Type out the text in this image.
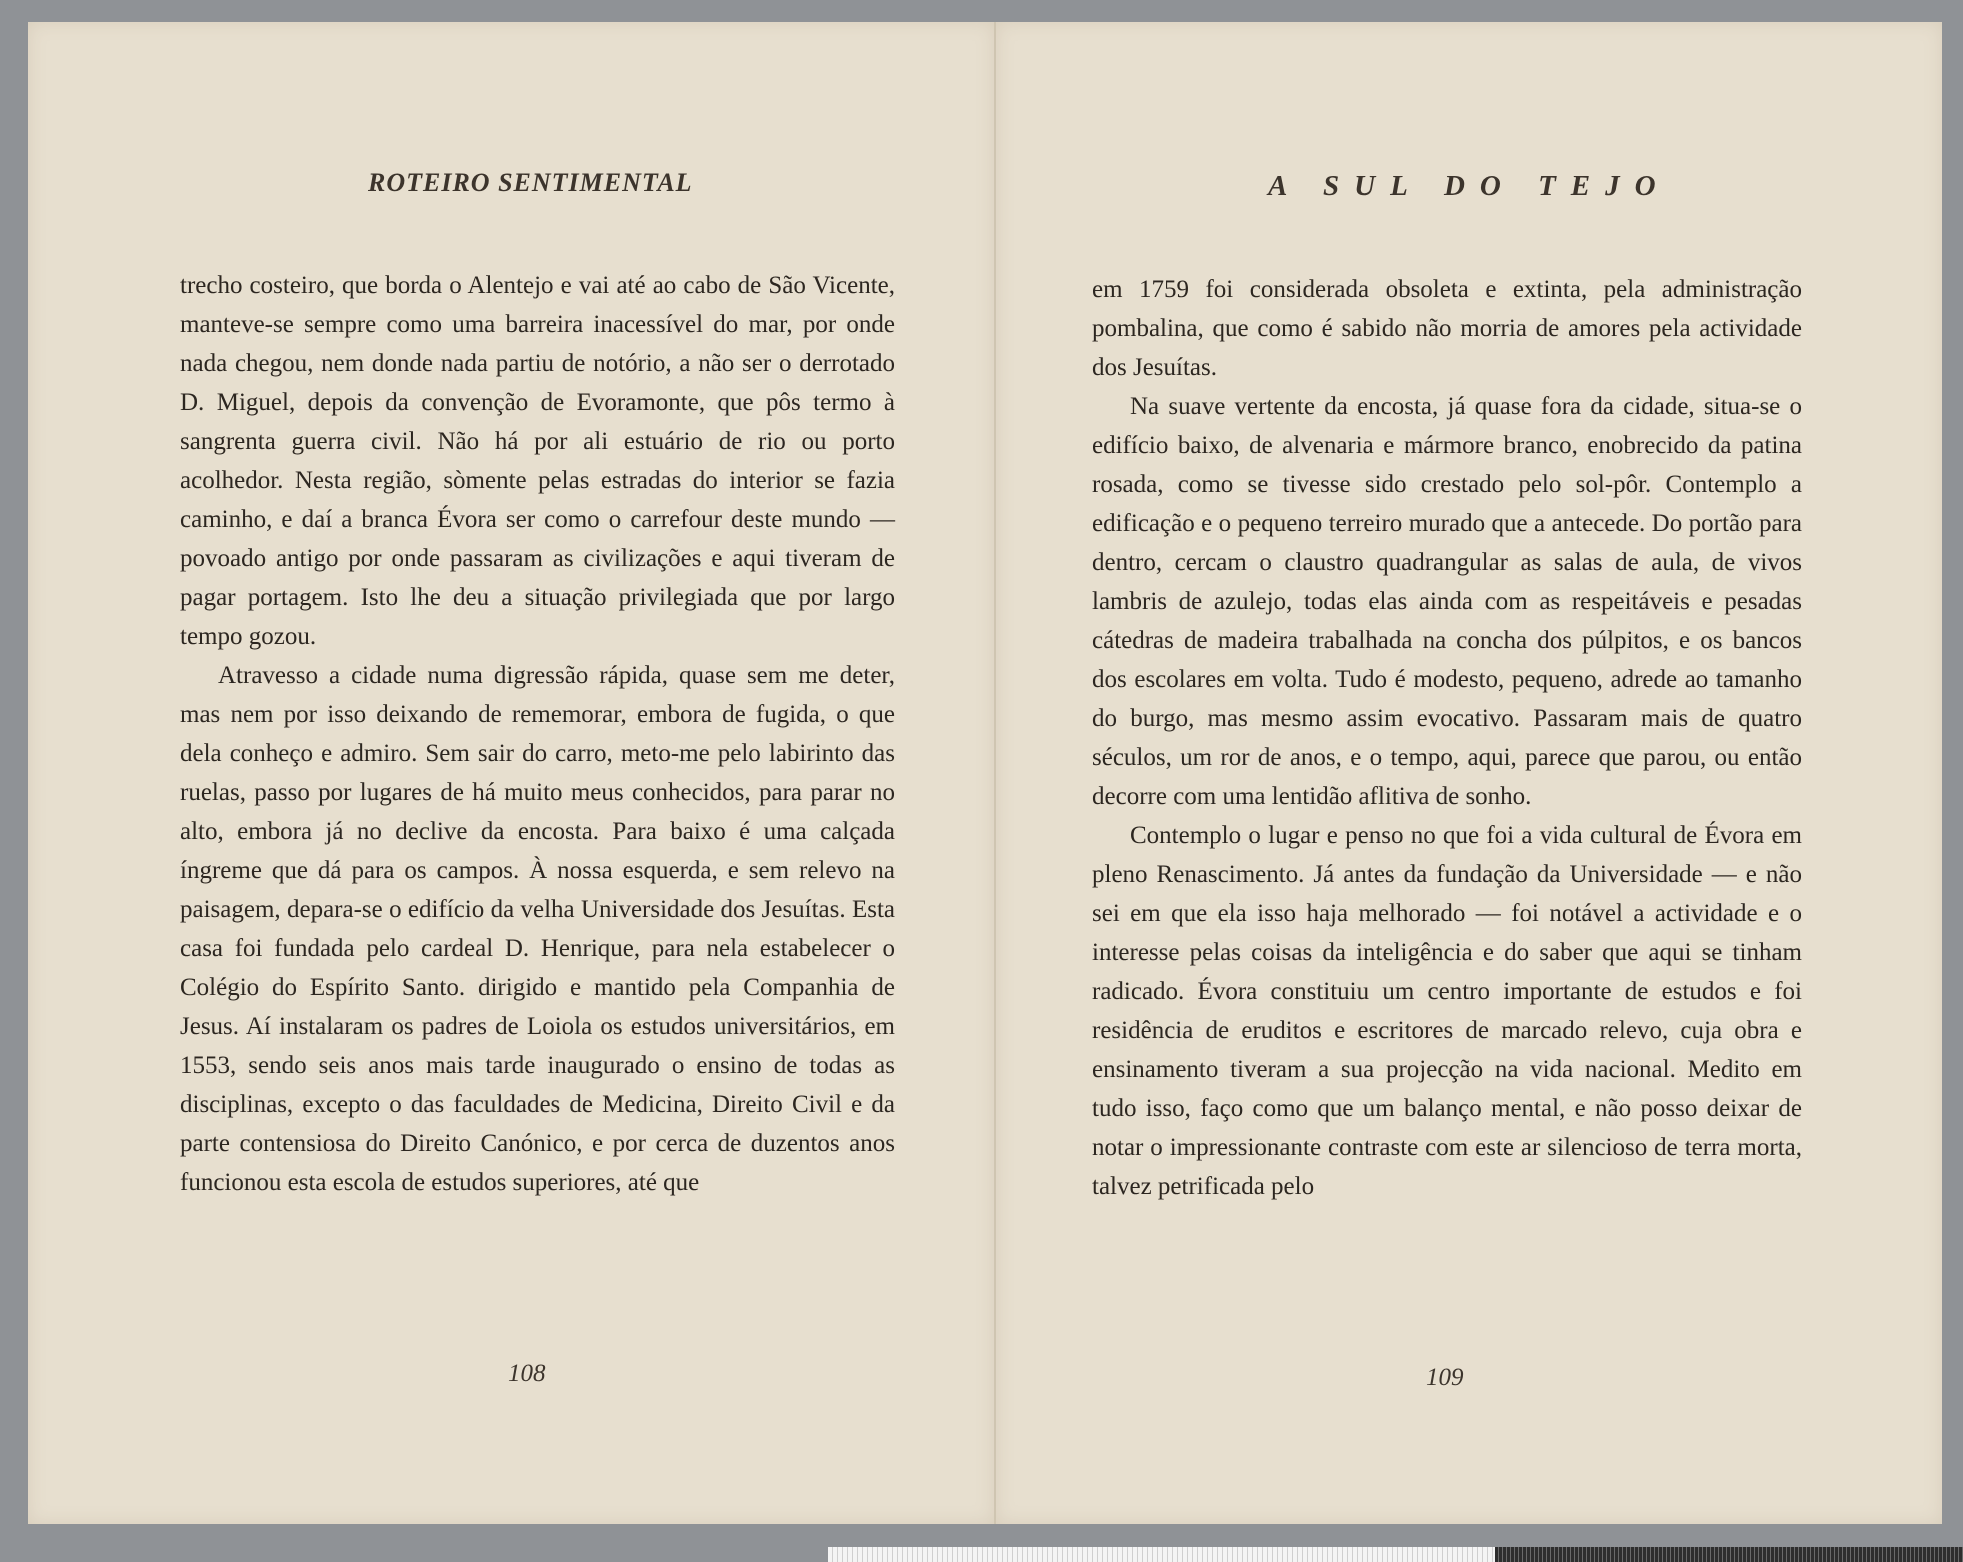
ROTEIRO SENTIMENTAL

trecho costeiro, que borda o Alentejo e vai até ao cabo de São Vicente, manteve-se sempre como uma barreira inacessível do mar, por onde nada chegou, nem donde nada partiu de notório, a não ser o derrotado D. Miguel, depois da convenção de Evoramonte, que pôs termo à sangrenta guerra civil. Não há por ali estuário de rio ou porto acolhedor. Nesta região, sòmente pelas estradas do interior se fazia caminho, e daí a branca Évora ser como o carrefour deste mundo — povoado antigo por onde passaram as civilizações e aqui tiveram de pagar portagem. Isto lhe deu a situação privilegiada que por largo tempo gozou.

Atravesso a cidade numa digressão rápida, quase sem me deter, mas nem por isso deixando de rememorar, embora de fugida, o que dela conheço e admiro. Sem sair do carro, meto-me pelo labirinto das ruelas, passo por lugares de há muito meus conhecidos, para parar no alto, embora já no declive da encosta. Para baixo é uma calçada íngreme que dá para os campos. À nossa esquerda, e sem relevo na paisagem, depara-se o edifício da velha Universidade dos Jesuítas. Esta casa foi fundada pelo cardeal D. Henrique, para nela estabelecer o Colégio do Espírito Santo. dirigido e mantido pela Companhia de Jesus. Aí instalaram os padres de Loiola os estudos universitários, em 1553, sendo seis anos mais tarde inaugurado o ensino de todas as disciplinas, excepto o das faculdades de Medicina, Direito Civil e da parte contensiosa do Direito Canónico, e por cerca de duzentos anos funcionou esta escola de estudos superiores, até que

108
A SUL DO TEJO

em 1759 foi considerada obsoleta e extinta, pela administração pombalina, que como é sabido não morria de amores pela actividade dos Jesuítas.

Na suave vertente da encosta, já quase fora da cidade, situa-se o edifício baixo, de alvenaria e mármore branco, enobrecido da patina rosada, como se tivesse sido crestado pelo sol-pôr. Contemplo a edificação e o pequeno terreiro murado que a antecede. Do portão para dentro, cercam o claustro quadrangular as salas de aula, de vivos lambris de azulejo, todas elas ainda com as respeitáveis e pesadas cátedras de madeira trabalhada na concha dos púlpitos, e os bancos dos escolares em volta. Tudo é modesto, pequeno, adrede ao tamanho do burgo, mas mesmo assim evocativo. Passaram mais de quatro séculos, um ror de anos, e o tempo, aqui, parece que parou, ou então decorre com uma lentidão aflitiva de sonho.

Contemplo o lugar e penso no que foi a vida cultural de Évora em pleno Renascimento. Já antes da fundação da Universidade — e não sei em que ela isso haja melhorado — foi notável a actividade e o interesse pelas coisas da inteligência e do saber que aqui se tinham radicado. Évora constituiu um centro importante de estudos e foi residência de eruditos e escritores de marcado relevo, cuja obra e ensinamento tiveram a sua projecção na vida nacional. Medito em tudo isso, faço como que um balanço mental, e não posso deixar de notar o impressionante contraste com este ar silencioso de terra morta, talvez petrificada pelo

109
